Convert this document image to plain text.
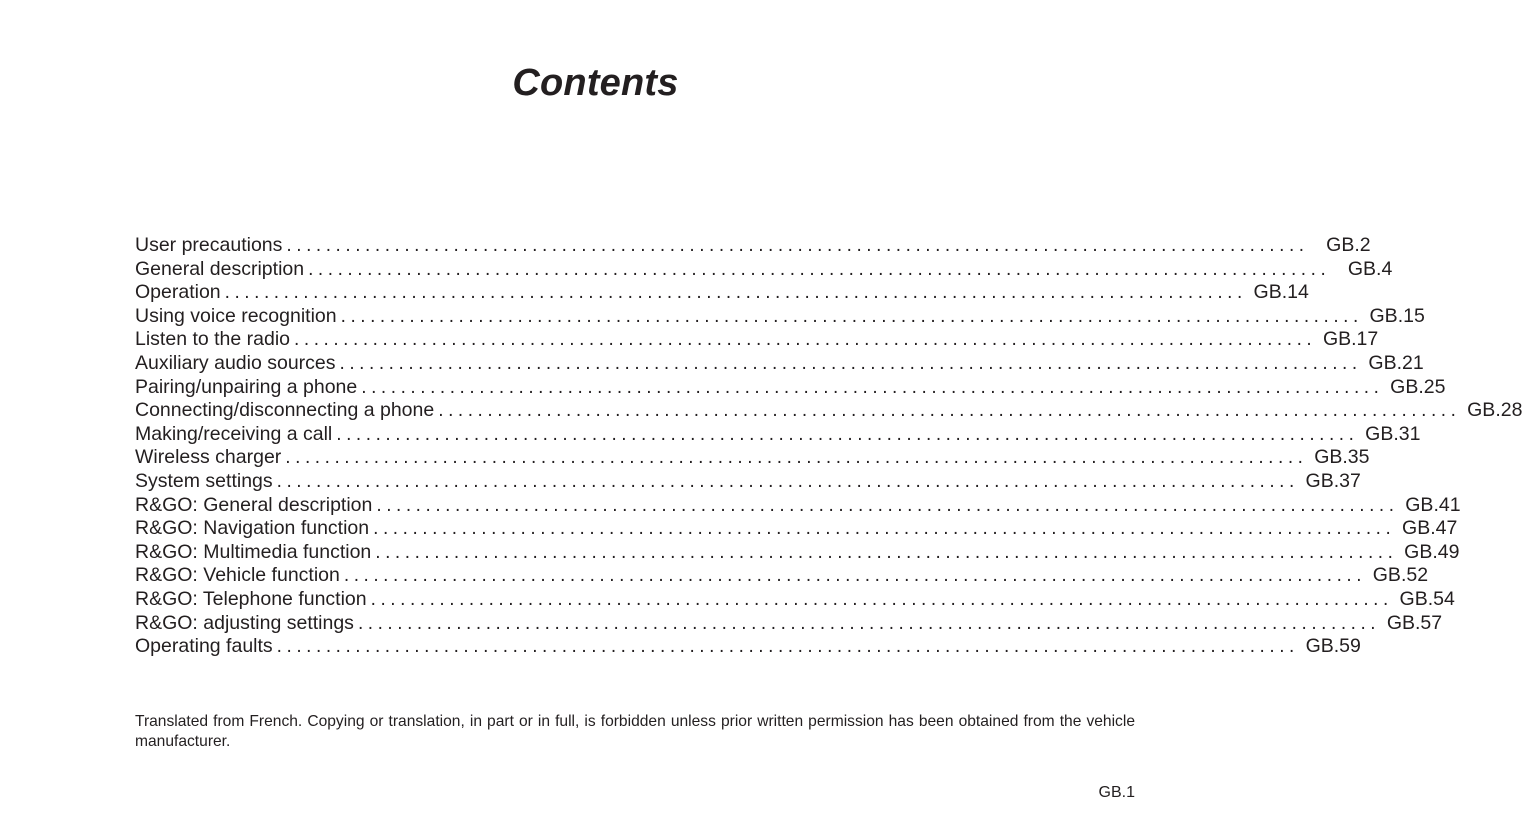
Contents
User precautions ........................................................................................................ GB.2
General description ........................................................................................................ GB.4
Operation ........................................................................................................ GB.14
Using voice recognition ........................................................................................................ GB.15
Listen to the radio ........................................................................................................ GB.17
Auxiliary audio sources ........................................................................................................ GB.21
Pairing/unpairing a phone ........................................................................................................ GB.25
Connecting/disconnecting a phone ........................................................................................................ GB.28
Making/receiving a call ........................................................................................................ GB.31
Wireless charger ........................................................................................................ GB.35
System settings ........................................................................................................ GB.37
R&GO: General description ........................................................................................................ GB.41
R&GO: Navigation function ........................................................................................................ GB.47
R&GO: Multimedia function ........................................................................................................ GB.49
R&GO: Vehicle function ........................................................................................................ GB.52
R&GO: Telephone function ........................................................................................................ GB.54
R&GO: adjusting settings ........................................................................................................ GB.57
Operating faults ........................................................................................................ GB.59

Translated from French. Copying or translation, in part or in full, is forbidden unless prior written permission has been obtained from the vehicle manufacturer.

GB.1
